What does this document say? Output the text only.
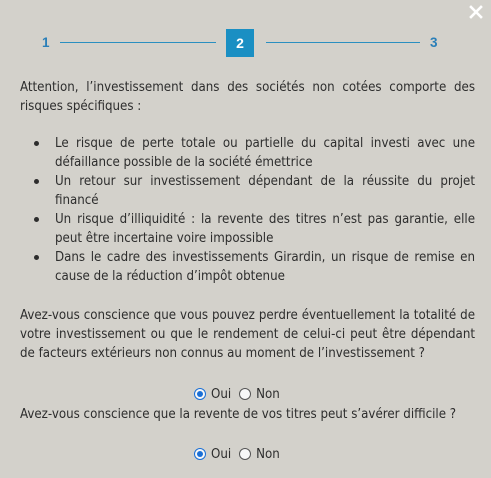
1	2	3

Attention, l’investissement dans des sociétés non cotées comporte des risques spécifiques :

Le risque de perte totale ou partielle du capital investi avec une défaillance possible de la société émettrice
Un retour sur investissement dépendant de la réussite du projet financé
Un risque d’illiquidité : la revente des titres n’est pas garantie, elle peut être incertaine voire impossible
Dans le cadre des investissements Girardin, un risque de remise en cause de la réduction d’impôt obtenue

Avez-vous conscience que vous pouvez perdre éventuellement la totalité de votre investissement ou que le rendement de celui-ci peut être dépendant de facteurs extérieurs non connus au moment de l’investissement ?

Oui Non

Avez-vous conscience que la revente de vos titres peut s’avérer difficile ?

Oui Non
